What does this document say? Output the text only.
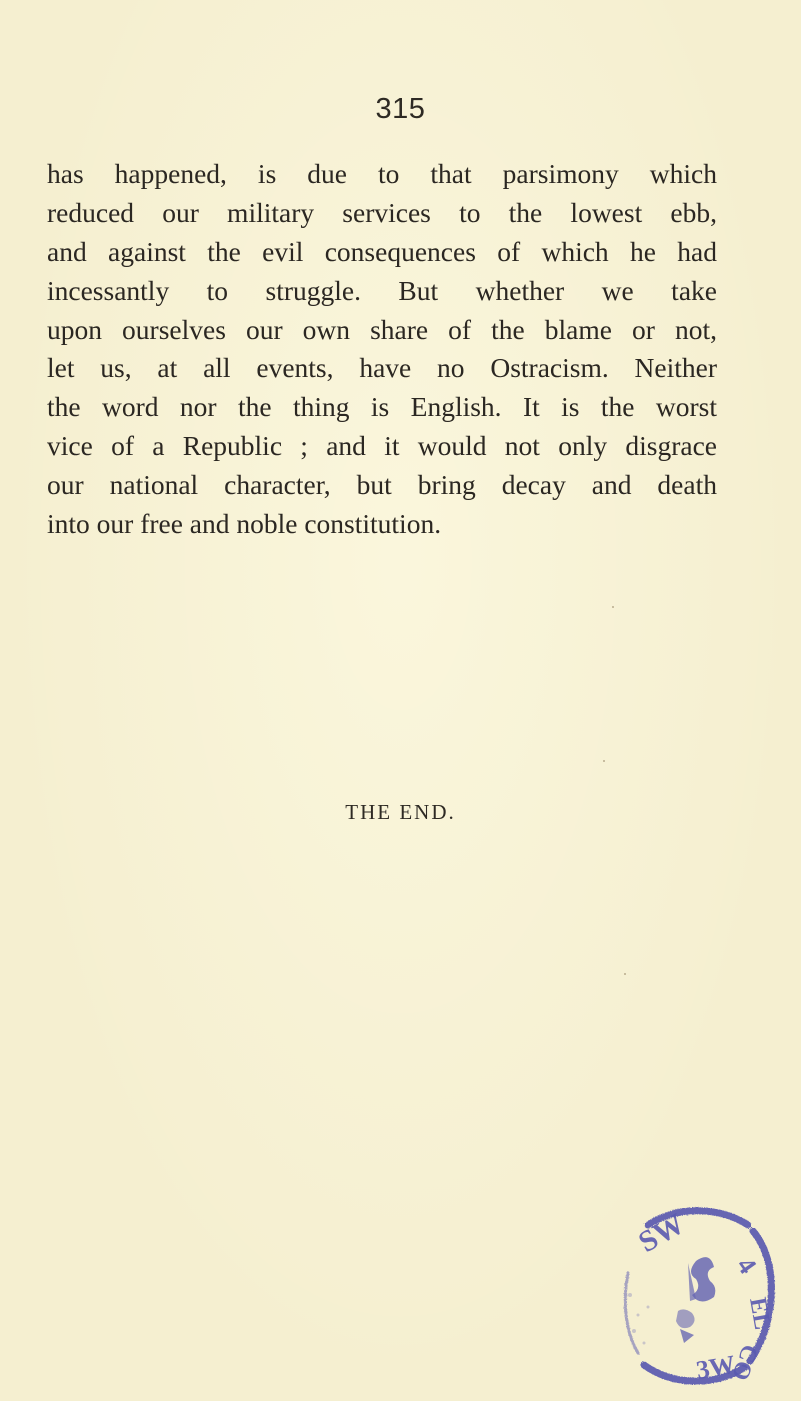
315
has happened, is due to that parsimony which
reduced our military services to the lowest ebb,
and against the evil consequences of which he had
incessantly to struggle. But whether we take
upon ourselves our own share of the blame or not,
let us, at all events, have no Ostracism. Neither
the word nor the thing is English. It is the worst
vice of a Republic ; and it would not only disgrace
our national character, but bring decay and death
into our free and noble constitution.
THE END.
SW
4
EL
CO
3W
